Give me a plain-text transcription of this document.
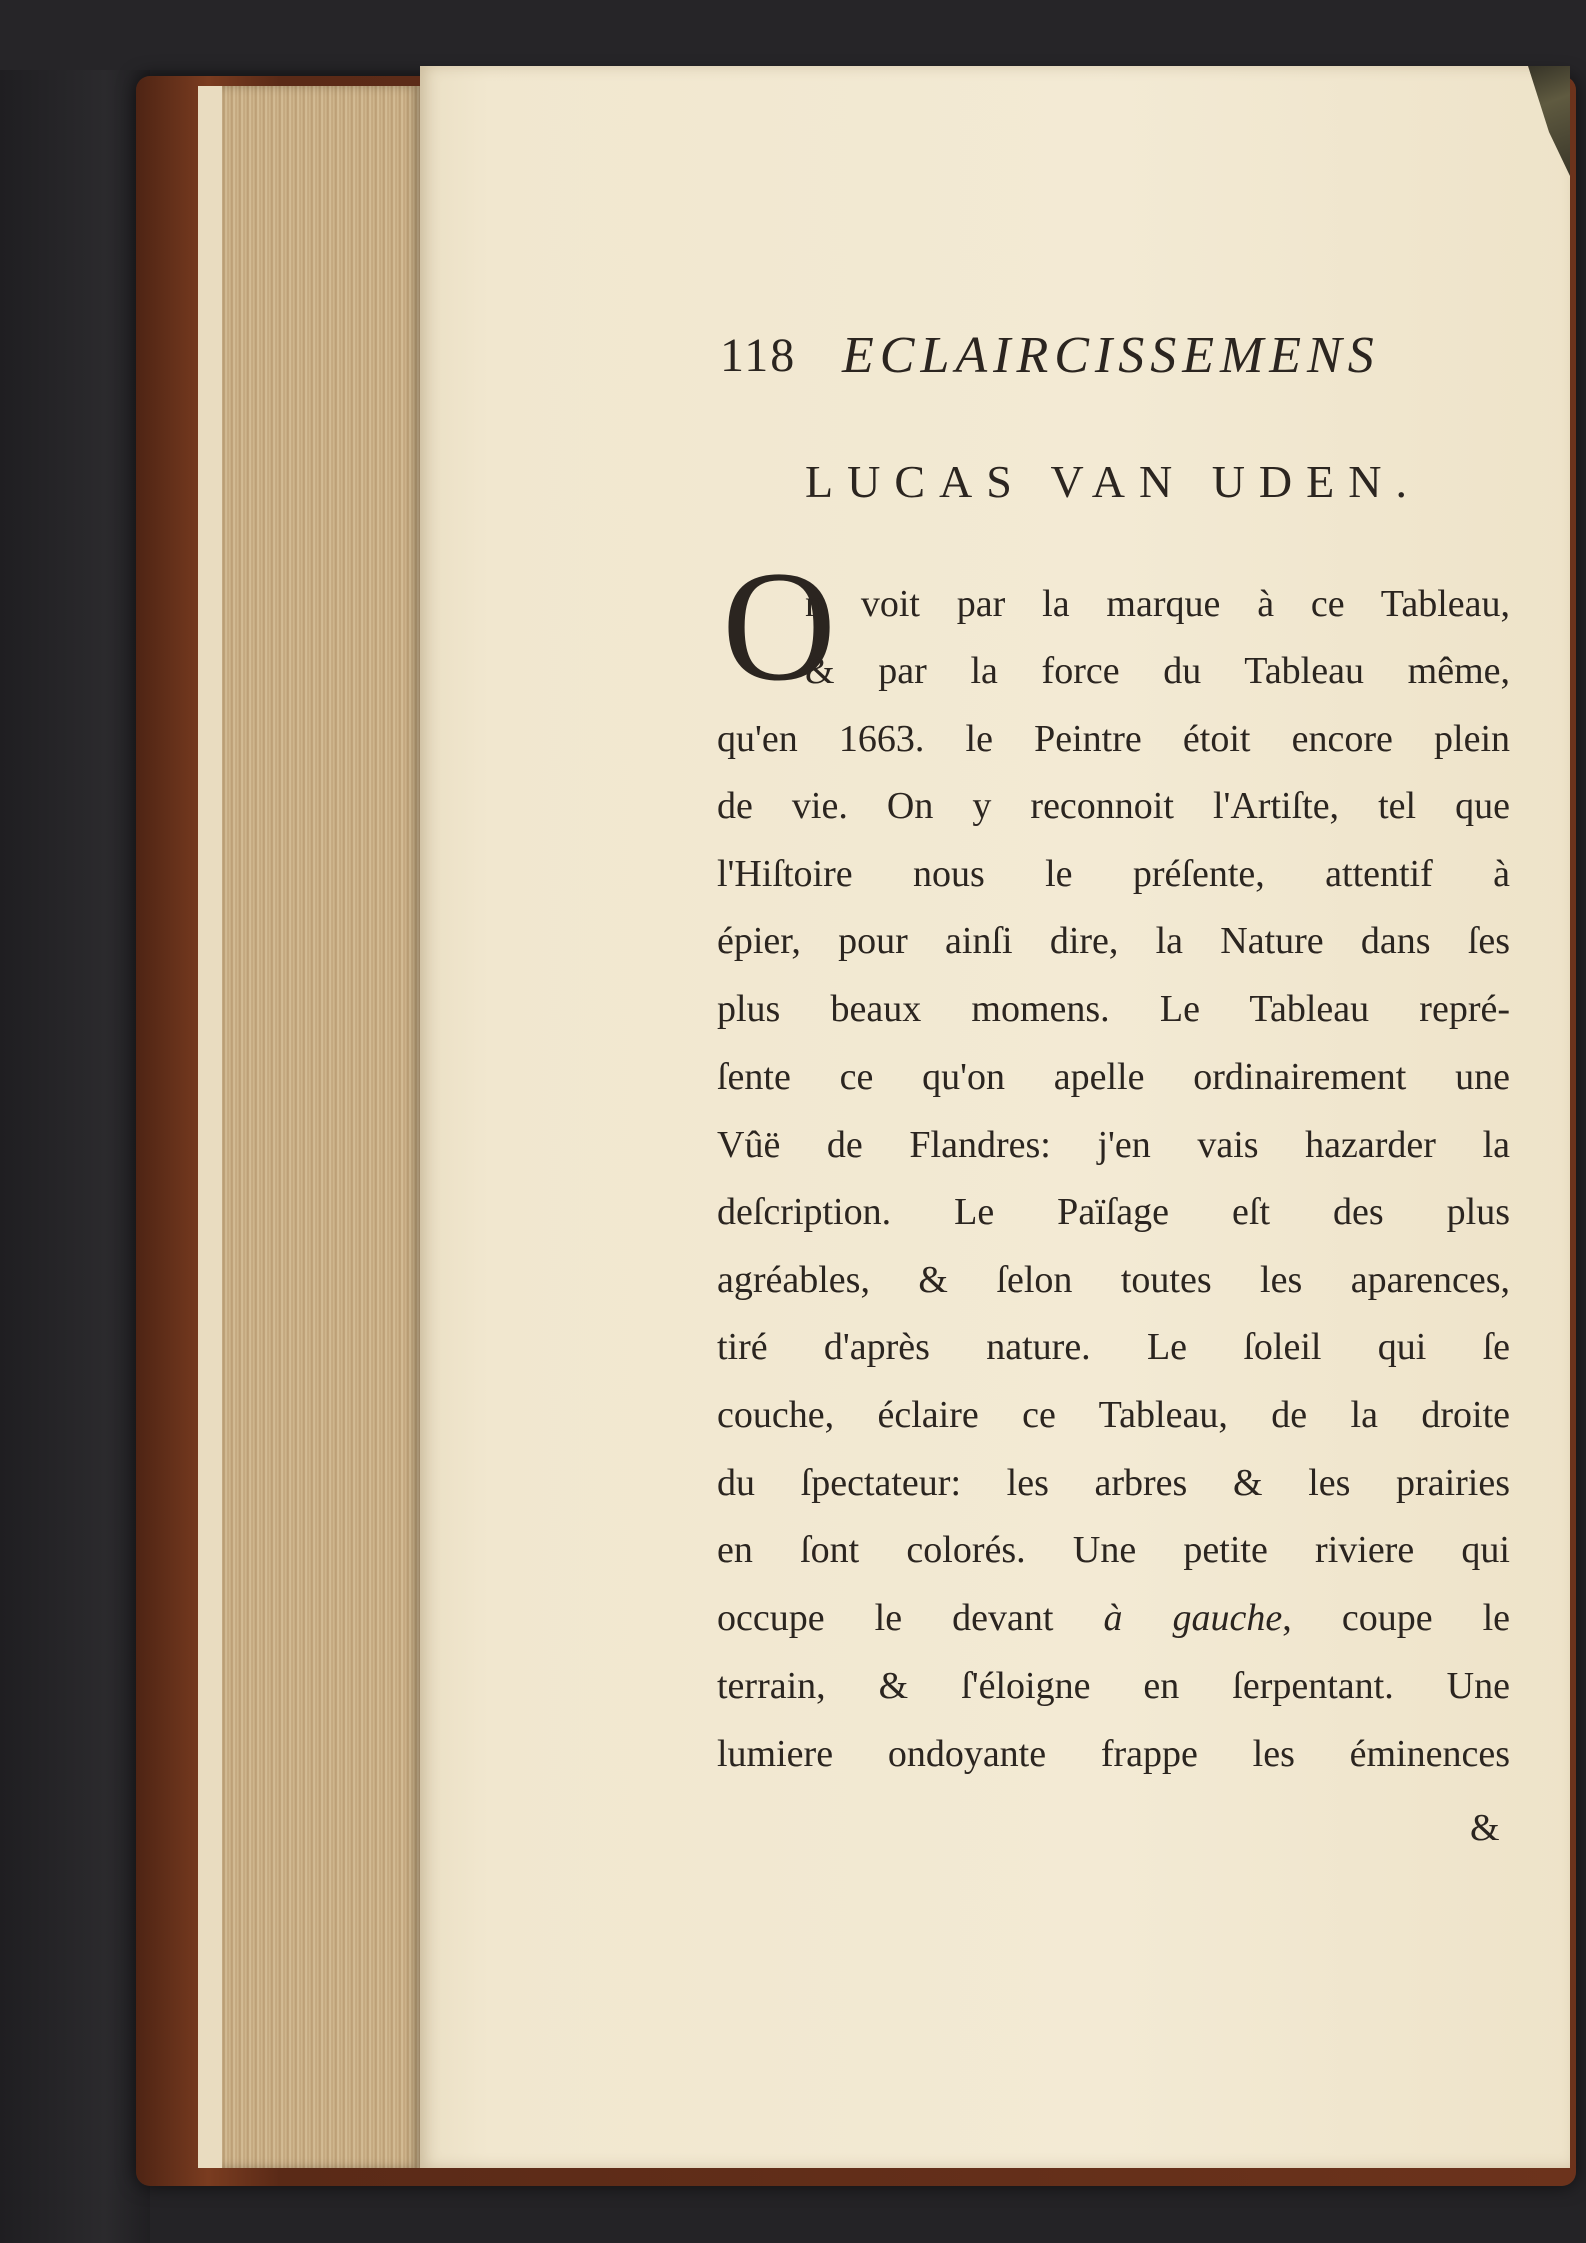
118 ECLAIRCISSEMENS
LUCAS VAN UDEN.
O
n voit par la marque à ce Tableau,
& par la force du Tableau même,
qu'en 1663. le Peintre étoit encore plein
de vie. On y reconnoit l'Artiſte, tel que
l'Hiſtoire nous le préſente, attentif à
épier, pour ainſi dire, la Nature dans ſes
plus beaux momens. Le Tableau repré-
ſente ce qu'on apelle ordinairement une
Vûë de Flandres: j'en vais hazarder la
deſcription. Le Païſage eſt des plus
agréables, & ſelon toutes les aparences,
tiré d'après nature. Le ſoleil qui ſe
couche, éclaire ce Tableau, de la droite
du ſpectateur: les arbres & les prairies
en ſont colorés. Une petite riviere qui
occupe le devant à gauche, coupe le
terrain, & ſ'éloigne en ſerpentant. Une
lumiere ondoyante frappe les éminences
&
